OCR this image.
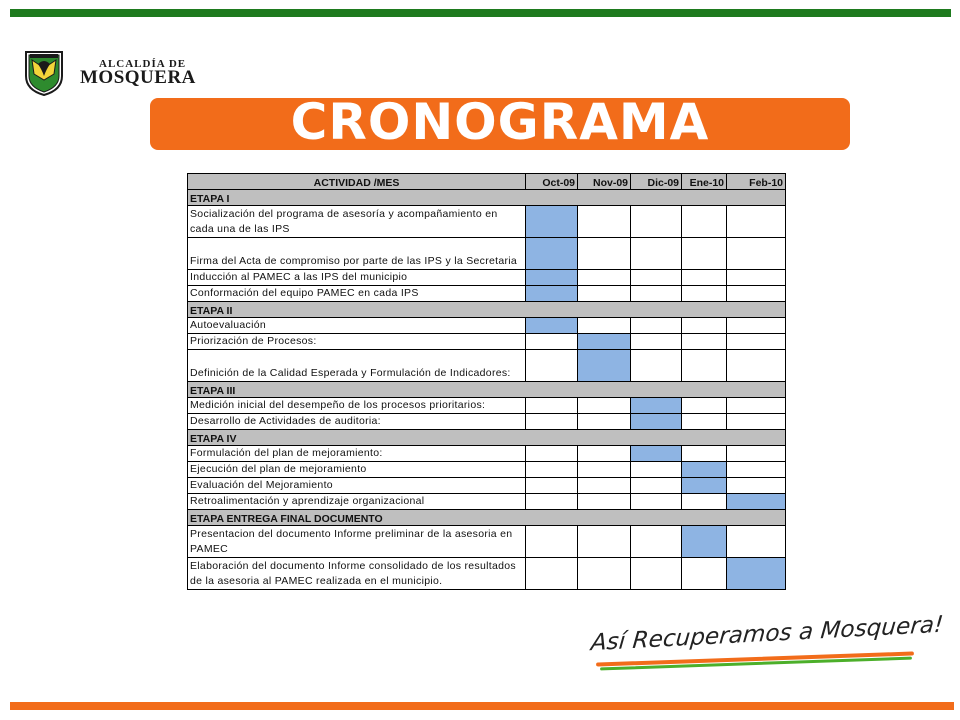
ALCALDÍA DE
MOSQUERA
CRONOGRAMA
ACTIVIDAD /MES	Oct-09	Nov-09	Dic-09	Ene-10	Feb-10
ETAPA I					
Socialización del programa de asesoría y acompañamiento en cada una de las IPS					
Firma del Acta de compromiso por parte de las IPS y la Secretaria					
Inducción al PAMEC a las IPS del municipio					
Conformación del equipo PAMEC en cada IPS					
ETAPA II					
Autoevaluación					
Priorización de Procesos:					
Definición de la Calidad Esperada y Formulación de Indicadores:					
ETAPA III					
Medición inicial del desempeño de los procesos prioritarios:					
Desarrollo de Actividades de auditoria:					
ETAPA IV					
Formulación del plan de mejoramiento:					
Ejecución del plan de mejoramiento					
Evaluación del Mejoramiento					
Retroalimentación y aprendizaje organizacional					
ETAPA ENTREGA FINAL DOCUMENTO					
Presentacion del documento Informe preliminar de la asesoria en PAMEC					
Elaboración del documento Informe consolidado de los resultados de la asesoria al PAMEC realizada en el municipio.					
Así Recuperamos a Mosquera!
